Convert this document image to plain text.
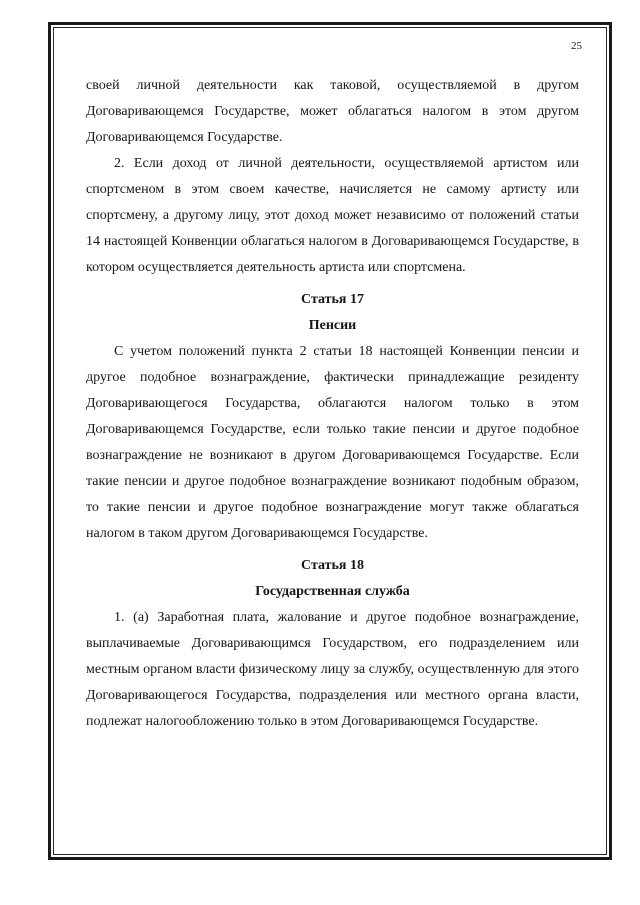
25

своей личной деятельности как таковой, осуществляемой в другом Договаривающемся Государстве, может облагаться налогом в этом другом Договаривающемся Государстве.

2. Если доход от личной деятельности, осуществляемой артистом или спортсменом в этом своем качестве, начисляется не самому артисту или спортсмену, а другому лицу, этот доход может независимо от положений статьи 14 настоящей Конвенции облагаться налогом в Договаривающемся Государстве, в котором осуществляется деятельность артиста или спортсмена.

Статья 17

Пенсии

С учетом положений пункта 2 статьи 18 настоящей Конвенции пенсии и другое подобное вознаграждение, фактически принадлежащие резиденту Договаривающегося Государства, облагаются налогом только в этом Договаривающемся Государстве, если только такие пенсии и другое подобное вознаграждение не возникают в другом Договаривающемся Государстве. Если такие пенсии и другое подобное вознаграждение возникают подобным образом, то такие пенсии и другое подобное вознаграждение могут также облагаться налогом в таком другом Договаривающемся Государстве.

Статья 18

Государственная служба

1. (a) Заработная плата, жалование и другое подобное вознаграждение, выплачиваемые Договаривающимся Государством, его подразделением или местным органом власти физическому лицу за службу, осуществленную для этого Договаривающегося Государства, подразделения или местного органа власти, подлежат налогообложению только в этом Договаривающемся Государстве.
